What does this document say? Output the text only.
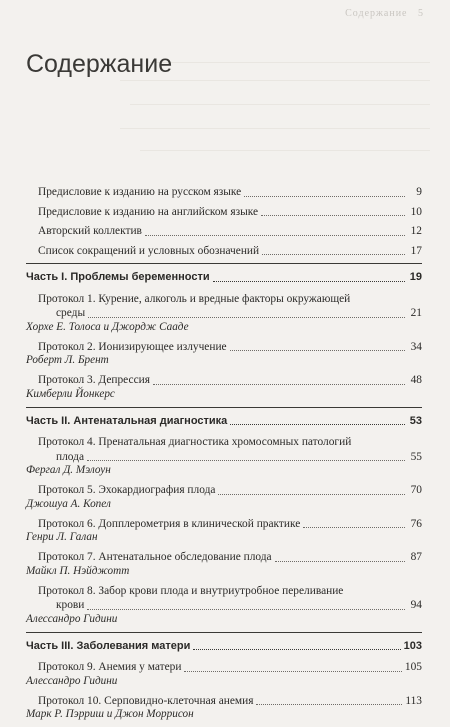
Содержание 5
Содержание
Предисловие к изданию на русском языке	9
Предисловие к изданию на английском языке	10
Авторский коллектив	12
Список сокращений и условных обозначений	17
Часть I. Проблемы беременности	19
Протокол 1. Курение, алкоголь и вредные факторы окружающей
среды	21
Хорхе Е. Толоса и Джордж Сааде
Протокол 2. Ионизирующее излучение	34
Роберт Л. Брент
Протокол 3. Депрессия	48
Кимберли Йонкерс
Часть II. Антенатальная диагностика	53
Протокол 4. Пренатальная диагностика хромосомных патологий
плода	55
Фергал Д. Мэлоун
Протокол 5. Эхокардиография плода	70
Джошуа А. Копел
Протокол 6. Допплерометрия в клинической практике	76
Генри Л. Галан
Протокол 7. Антенатальное обследование плода	87
Майкл П. Нэйджотт
Протокол 8. Забор крови плода и внутриутробное переливание
крови	94
Алессандро Гидини
Часть III. Заболевания матери	103
Протокол 9. Анемия у матери	105
Алессандро Гидини
Протокол 10. Серповидно-клеточная анемия	113
Марк Р. Пэрриш и Джон Моррисон
